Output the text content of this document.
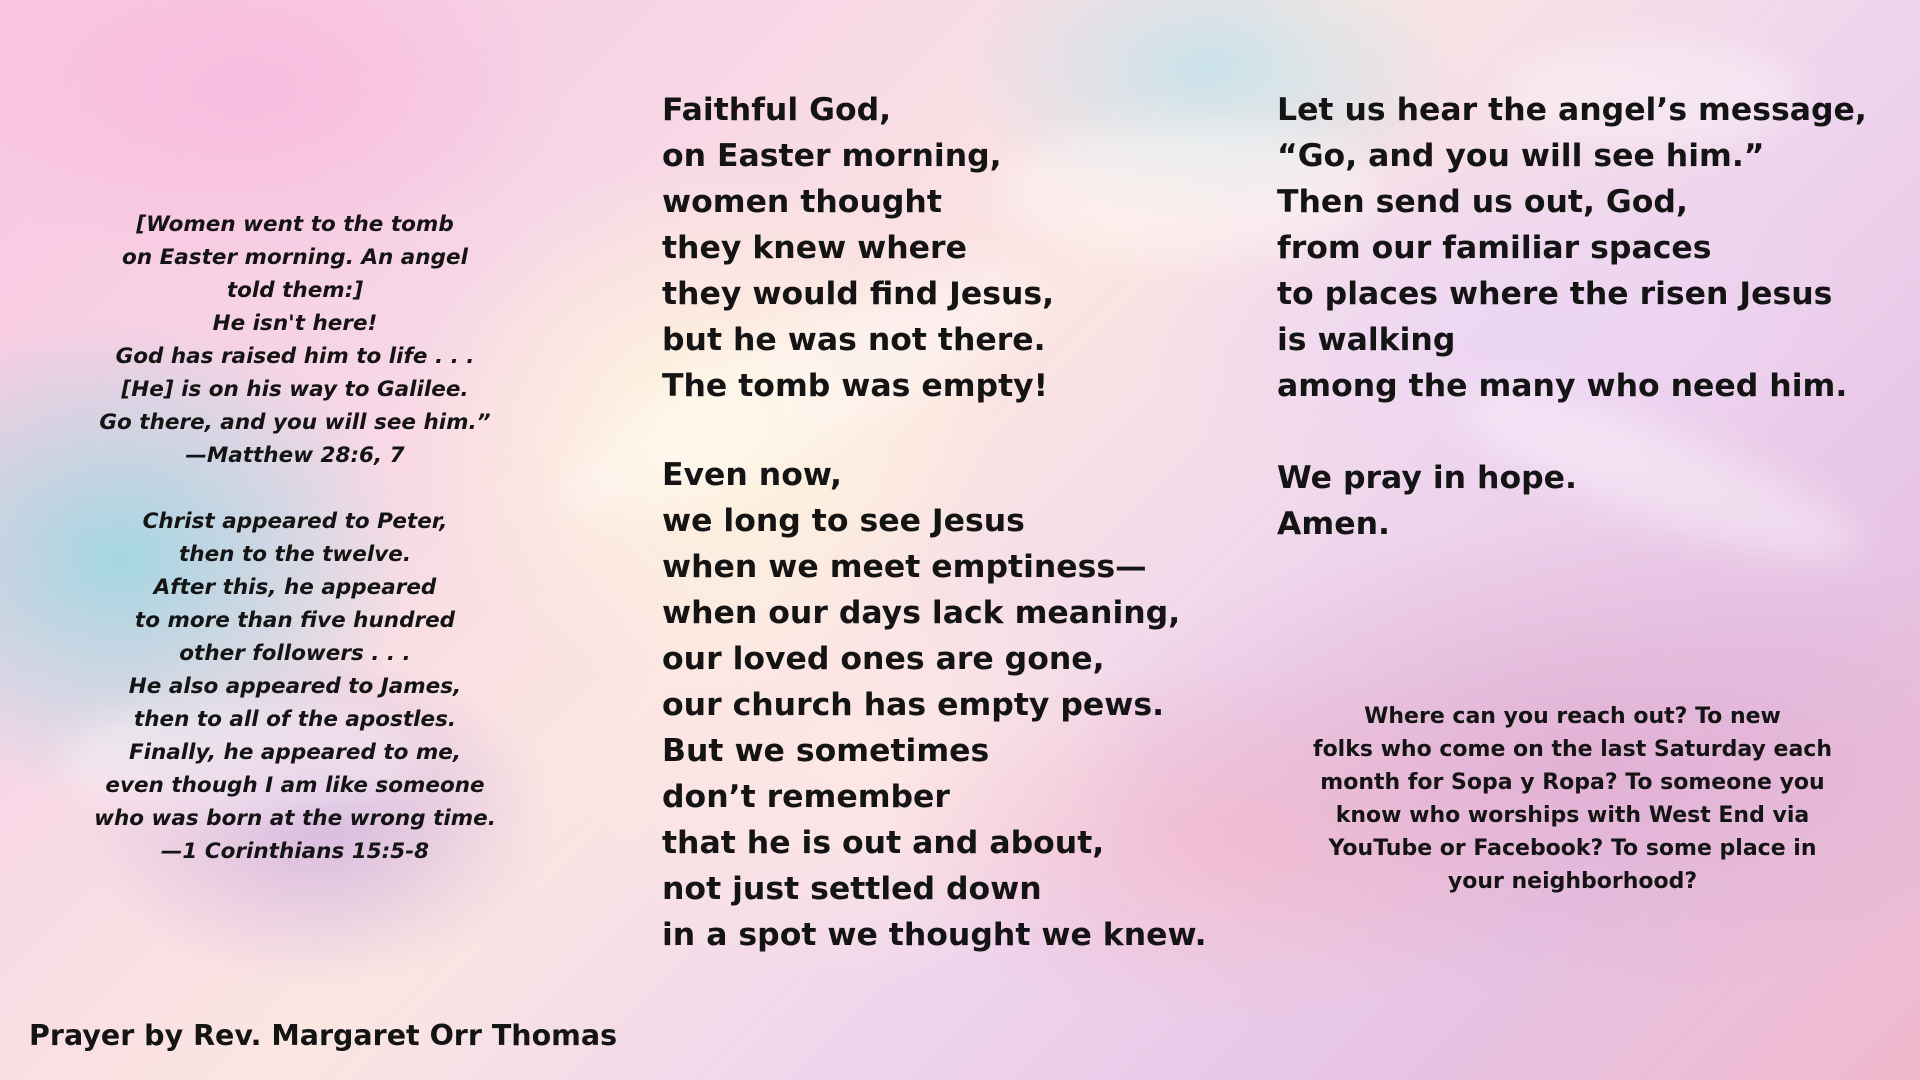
[Women went to the tomb
on Easter morning. An angel
told them:]
He isn't here!
God has raised him to life . . .
[He] is on his way to Galilee.
Go there, and you will see him.”
—Matthew 28:6, 7
Christ appeared to Peter,
then to the twelve.
After this, he appeared
to more than five hundred
other followers . . .
He also appeared to James,
then to all of the apostles.
Finally, he appeared to me,
even though I am like someone
who was born at the wrong time.
—1 Corinthians 15:5-8
Faithful God,
on Easter morning,
women thought
they knew where
they would find Jesus,
but he was not there.
The tomb was empty!
Even now,
we long to see Jesus
when we meet emptiness—
when our days lack meaning,
our loved ones are gone,
our church has empty pews.
But we sometimes
don’t remember
that he is out and about,
not just settled down
in a spot we thought we knew.
Let us hear the angel’s message,
“Go, and you will see him.”
Then send us out, God,
from our familiar spaces
to places where the risen Jesus
is walking
among the many who need him.
We pray in hope.
Amen.
Where can you reach out? To new
folks who come on the last Saturday each
month for Sopa y Ropa? To someone you
know who worships with West End via
YouTube or Facebook? To some place in
your neighborhood?
Prayer by Rev. Margaret Orr Thomas
